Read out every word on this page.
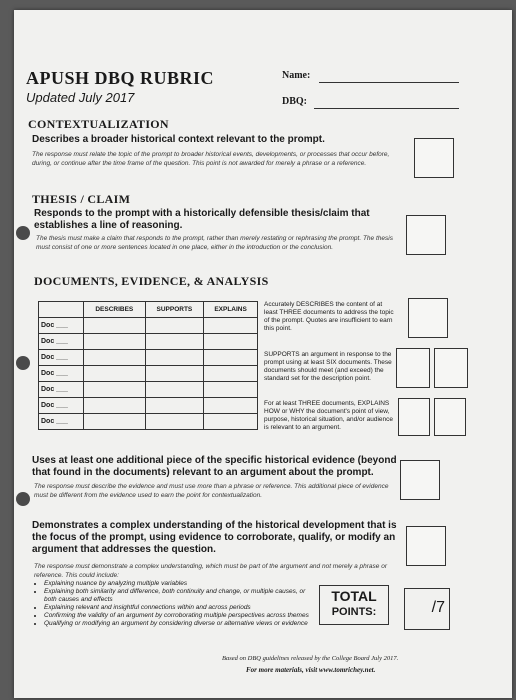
APUSH DBQ RUBRIC
Updated July 2017
Name:
DBQ:
CONTEXTUALIZATION
Describes a broader historical context relevant to the prompt.
The response must relate the topic of the prompt to broader historical events, developments, or processes that occur before, during, or continue after the time frame of the question. This point is not awarded for merely a phrase or a reference.
THESIS / CLAIM
Responds to the prompt with a historically defensible thesis/claim that establishes a line of reasoning.
The thesis must make a claim that responds to the prompt, rather than merely restating or rephrasing the prompt. The thesis must consist of one or more sentences located in one place, either in the introduction or the conclusion.
DOCUMENTS, EVIDENCE, & ANALYSIS
	DESCRIBES	SUPPORTS	EXPLAINS
Doc ___			
Doc ___			
Doc ___			
Doc ___			
Doc ___			
Doc ___			
Doc ___			
Accurately DESCRIBES the content of at least THREE documents to address the topic of the prompt. Quotes are insufficient to earn this point.
SUPPORTS an argument in response to the prompt using at least SIX documents. These documents should meet (and exceed) the standard set for the description point.
For at least THREE documents, EXPLAINS HOW or WHY the document's point of view, purpose, historical situation, and/or audience is relevant to an argument.
Uses at least one additional piece of the specific historical evidence (beyond that found in the documents) relevant to an argument about the prompt.
The response must describe the evidence and must use more than a phrase or reference. This additional piece of evidence must be different from the evidence used to earn the point for contextualization.
Demonstrates a complex understanding of the historical development that is the focus of the prompt, using evidence to corroborate, qualify, or modify an argument that addresses the question.
The response must demonstrate a complex understanding, which must be part of the argument and not merely a phrase or reference. This could include:
• Explaining nuance by analyzing multiple variables
• Explaining both similarity and difference, both continuity and change, or multiple causes, or both causes and effects
• Explaining relevant and insightful connections within and across periods
• Confirming the validity of an argument by corroborating multiple perspectives across themes
• Qualifying or modifying an argument by considering diverse or alternative views or evidence
TOTAL
POINTS:	/7
Based on DBQ guidelines released by the College Board July 2017.
For more materials, visit www.tomrichey.net.
